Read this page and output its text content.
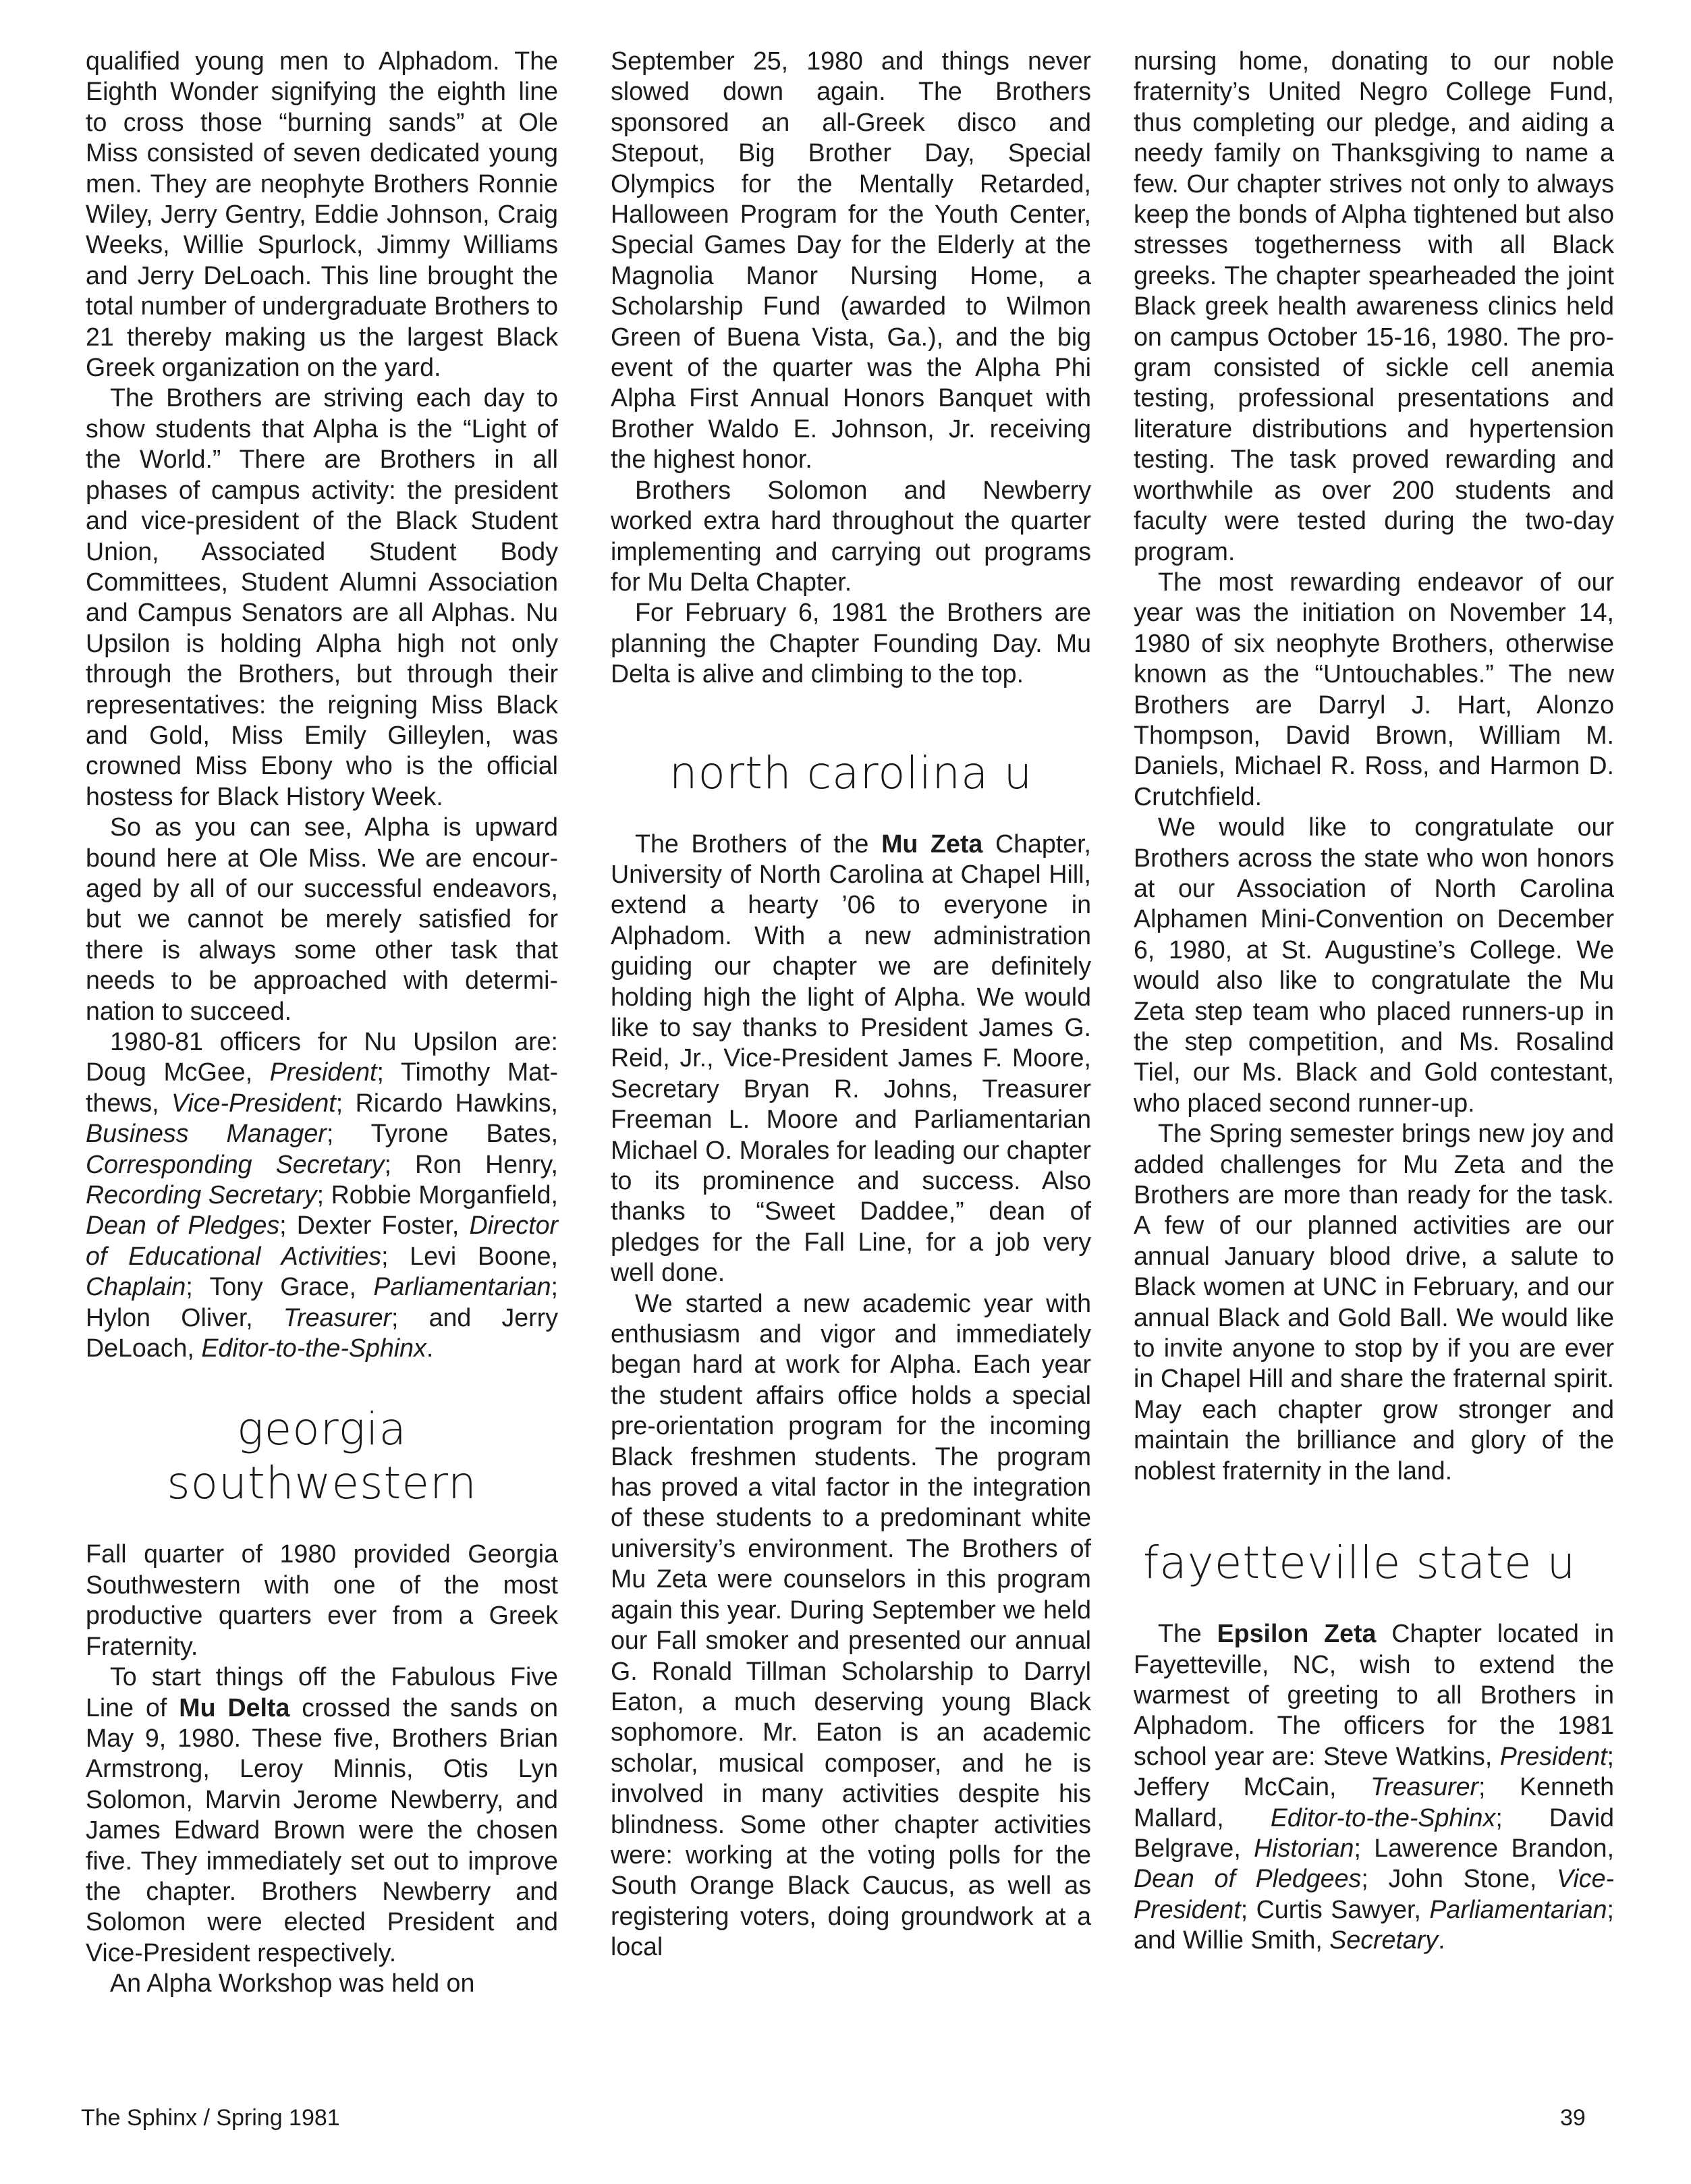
qualified young men to Alphadom. The Eighth Wonder signifying the eighth line to cross those “burning sands” at Ole Miss consisted of seven dedicated young men. They are neophyte Brothers Ronnie Wiley, Jerry Gentry, Eddie Johnson, Craig Weeks, Willie Spurlock, Jimmy Williams and Jerry DeLoach. This line brought the total number of undergraduate Brothers to 21 thereby making us the largest Black Greek organization on the yard.

The Brothers are striving each day to show students that Alpha is the “Light of the World.” There are Brothers in all phases of campus activity: the president and vice-president of the Black Student Union, Associated Student Body Committees, Student Alumni Association and Campus Senators are all Alphas. Nu Upsilon is holding Alpha high not only through the Brothers, but through their representatives: the reigning Miss Black and Gold, Miss Emily Gilleylen, was crowned Miss Ebony who is the official hostess for Black History Week.

So as you can see, Alpha is upward bound here at Ole Miss. We are encouraged by all of our successful endeavors, but we cannot be merely satisfied for there is always some other task that needs to be approached with determination to succeed.

1980-81 officers for Nu Upsilon are: Doug McGee, President; Timothy Matthews, Vice-President; Ricardo Hawkins, Business Manager; Tyrone Bates, Corresponding Secretary; Ron Henry, Recording Secretary; Robbie Morganfield, Dean of Pledges; Dexter Foster, Director of Educational Activities; Levi Boone, Chaplain; Tony Grace, Parliamentarian; Hylon Oliver, Treasurer; and Jerry DeLoach, Editor-to-the-Sphinx.

georgia
southwestern

Fall quarter of 1980 provided Georgia Southwestern with one of the most productive quarters ever from a Greek Fraternity.

To start things off the Fabulous Five Line of Mu Delta crossed the sands on May 9, 1980. These five, Brothers Brian Armstrong, Leroy Minnis, Otis Lyn Solomon, Marvin Jerome Newberry, and James Edward Brown were the chosen five. They immediately set out to improve the chapter. Brothers Newberry and Solomon were elected President and Vice-President respectively.

An Alpha Workshop was held on

September 25, 1980 and things never slowed down again. The Brothers sponsored an all-Greek disco and Stepout, Big Brother Day, Special Olympics for the Mentally Retarded, Halloween Program for the Youth Center, Special Games Day for the Elderly at the Magnolia Manor Nursing Home, a Scholarship Fund (awarded to Wilmon Green of Buena Vista, Ga.), and the big event of the quarter was the Alpha Phi Alpha First Annual Honors Banquet with Brother Waldo E. Johnson, Jr. receiving the highest honor.

Brothers Solomon and Newberry worked extra hard throughout the quarter implementing and carrying out programs for Mu Delta Chapter.

For February 6, 1981 the Brothers are planning the Chapter Founding Day. Mu Delta is alive and climbing to the top.

north carolina u

The Brothers of the Mu Zeta Chapter, University of North Carolina at Chapel Hill, extend a hearty ’06 to everyone in Alphadom. With a new administration guiding our chapter we are definitely holding high the light of Alpha. We would like to say thanks to President James G. Reid, Jr., Vice-President James F. Moore, Secretary Bryan R. Johns, Treasurer Freeman L. Moore and Parliamentarian Michael O. Morales for leading our chapter to its prominence and success. Also thanks to “Sweet Daddee,” dean of pledges for the Fall Line, for a job very well done.

We started a new academic year with enthusiasm and vigor and immediately began hard at work for Alpha. Each year the student affairs office holds a special pre-orientation program for the incoming Black freshmen students. The program has proved a vital factor in the integration of these students to a predominant white university’s environment. The Brothers of Mu Zeta were counselors in this program again this year. During September we held our Fall smoker and presented our annual G. Ronald Tillman Scholarship to Darryl Eaton, a much deserving young Black sophomore. Mr. Eaton is an academic scholar, musical composer, and he is involved in many activities despite his blindness. Some other chapter activities were: working at the voting polls for the South Orange Black Caucus, as well as registering voters, doing groundwork at a local

nursing home, donating to our noble fraternity’s United Negro College Fund, thus completing our pledge, and aiding a needy family on Thanksgiving to name a few. Our chapter strives not only to always keep the bonds of Alpha tightened but also stresses togetherness with all Black greeks. The chapter spearheaded the joint Black greek health awareness clinics held on campus October 15-16, 1980. The program consisted of sickle cell anemia testing, professional presentations and literature distributions and hypertension testing. The task proved rewarding and worthwhile as over 200 students and faculty were tested during the two-day program.

The most rewarding endeavor of our year was the initiation on November 14, 1980 of six neophyte Brothers, otherwise known as the “Untouchables.” The new Brothers are Darryl J. Hart, Alonzo Thompson, David Brown, William M. Daniels, Michael R. Ross, and Harmon D. Crutchfield.

We would like to congratulate our Brothers across the state who won honors at our Association of North Carolina Alphamen Mini-Convention on December 6, 1980, at St. Augustine’s College. We would also like to congratulate the Mu Zeta step team who placed runners-up in the step competition, and Ms. Rosalind Tiel, our Ms. Black and Gold contestant, who placed second runner-up.

The Spring semester brings new joy and added challenges for Mu Zeta and the Brothers are more than ready for the task. A few of our planned activities are our annual January blood drive, a salute to Black women at UNC in February, and our annual Black and Gold Ball. We would like to invite anyone to stop by if you are ever in Chapel Hill and share the fraternal spirit. May each chapter grow stronger and maintain the brilliance and glory of the noblest fraternity in the land.

fayetteville state u

The Epsilon Zeta Chapter located in Fayetteville, NC, wish to extend the warmest of greeting to all Brothers in Alphadom. The officers for the 1981 school year are: Steve Watkins, President; Jeffery McCain, Treasurer; Kenneth Mallard, Editor-to-the-Sphinx; David Belgrave, Historian; Lawerence Brandon, Dean of Pledgees; John Stone, Vice-President; Curtis Sawyer, Parliamentarian; and Willie Smith, Secretary.

The Sphinx / Spring 1981	39
